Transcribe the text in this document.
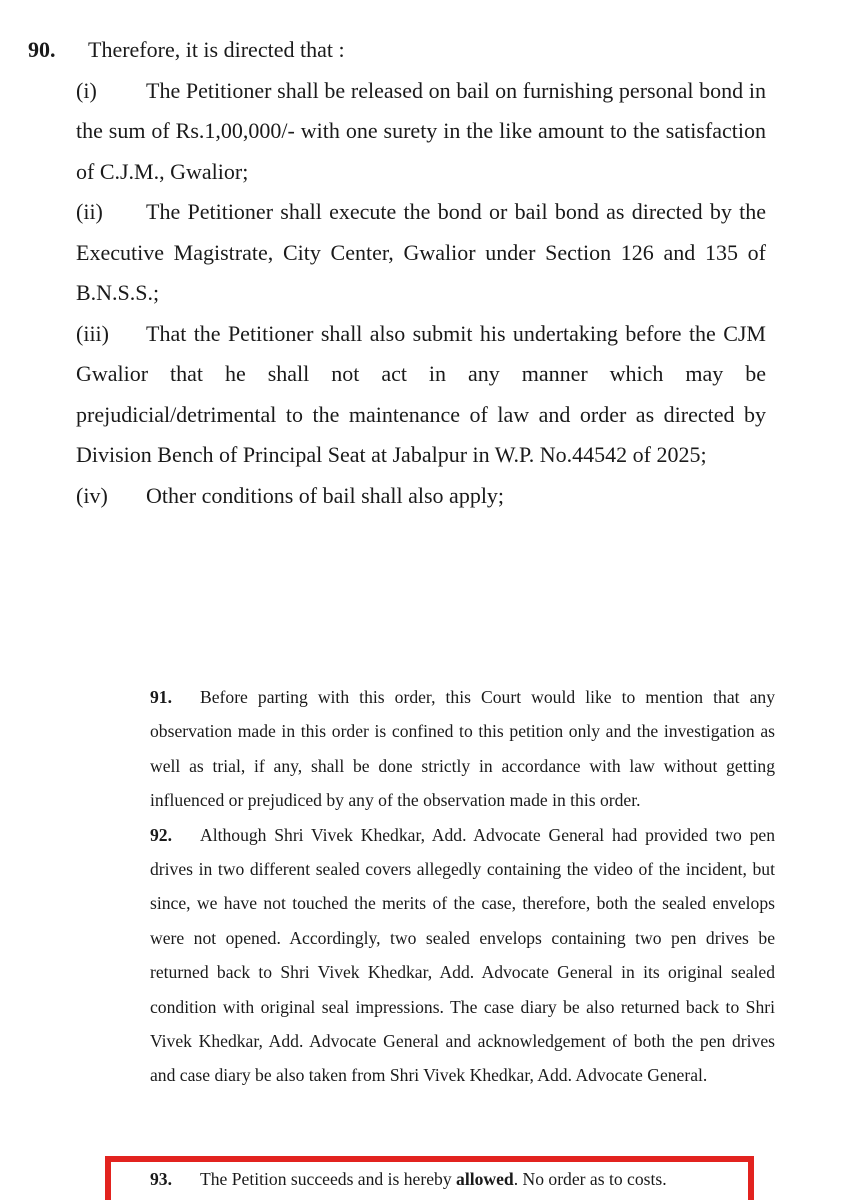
90. Therefore, it is directed that :
(i) The Petitioner shall be released on bail on furnishing personal bond in the sum of Rs.1,00,000/- with one surety in the like amount to the satisfaction of C.J.M., Gwalior;
(ii) The Petitioner shall execute the bond or bail bond as directed by the Executive Magistrate, City Center, Gwalior under Section 126 and 135 of B.N.S.S.;
(iii) That the Petitioner shall also submit his undertaking before the CJM Gwalior that he shall not act in any manner which may be prejudicial/detrimental to the maintenance of law and order as directed by Division Bench of Principal Seat at Jabalpur in W.P. No.44542 of 2025;
(iv) Other conditions of bail shall also apply;
91. Before parting with this order, this Court would like to mention that any observation made in this order is confined to this petition only and the investigation as well as trial, if any, shall be done strictly in accordance with law without getting influenced or prejudiced by any of the observation made in this order.
92. Although Shri Vivek Khedkar, Add. Advocate General had provided two pen drives in two different sealed covers allegedly containing the video of the incident, but since, we have not touched the merits of the case, therefore, both the sealed envelops were not opened. Accordingly, two sealed envelops containing two pen drives be returned back to Shri Vivek Khedkar, Add. Advocate General in its original sealed condition with original seal impressions. The case diary be also returned back to Shri Vivek Khedkar, Add. Advocate General and acknowledgement of both the pen drives and case diary be also taken from Shri Vivek Khedkar, Add. Advocate General.
93. The Petition succeeds and is hereby allowed. No order as to costs.
